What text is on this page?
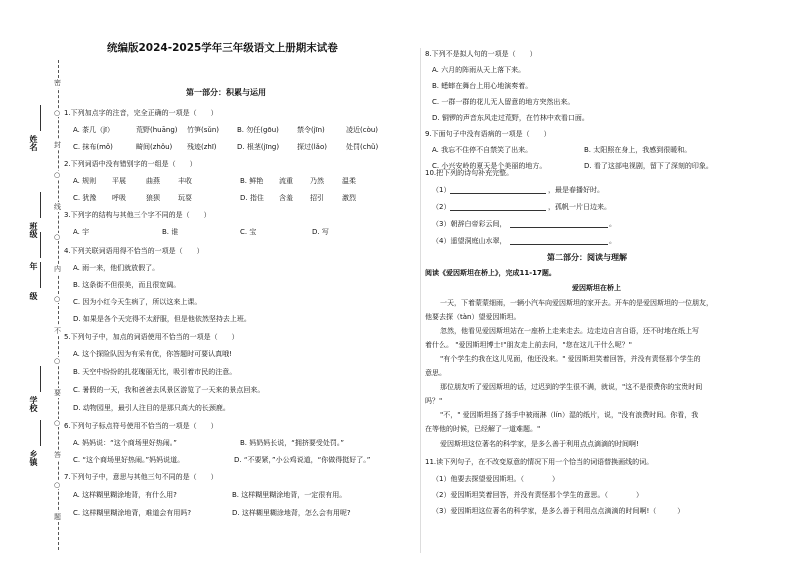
姓名
班级
年
级
学校
乡镇
密
○
封
○
线
○
内
○
不
○
要
○
答
○
题
统编版2024-2025学年三年级语文上册期末试卷
第一部分：积累与运用
1.下列加点字的注音，完全正确的一项是（　　）
A. 茶几（jī）	荒野(huāng) 竹笋(sǔn)	B. 勿任(gōu)	禁令(jīn)	凌近(còu)
C. 抹布(mǒ)	畸间(zhǒu) 残迹(zhī)	D. 根茎(jīng)	探过(lǎo)	处罚(chǔ)
2.下列词语中没有错别字的一组是（　　）
A. 规则 平展	曲燕	丰收	B. 鲜艳 流重 乃然	温柔
C. 犹豫 呼吸	狼狈	玩耍	D. 指住 含羞 招引	激烈
3.下列字的结构与其他三个字不同的是（　　）
A. 宇	B. 谁	C. 宝	D. 写
4.下列关联词语用得不恰当的一项是（　　）
A. 雨一来，他们就放假了。
B. 这条街不但很美，而且很宽阔。
C. 因为小红今天生病了，所以这来上课。
D. 如果是各个天完得不太舒服，但是他依然坚持去上班。
5.下列句子中，加点的词语使用不恰当的一项是（　　）
A. 这个探险队因为有采有优，你答题时可要认真哦!
B. 天空中纷纷的扎花瑰丽无比，吸引着市民的注意。
C. 暑假的一天，我和爸爸去风景区游览了一天来的景点回来。
D. 动物园里，最引人注目的是那只高大的长颈鹿。
6.下列句子标点符号使用不恰当的一项是（　　）
A. 妈妈说：“这个商场里好热闹。”	B. 妈奶妈长说，“拥挤要受处罚。”
C. “这个商场里好热闹。”妈妈说道。	D. “不要紧，”小公鸡说道，“你做得挺好了。”
7.下列句子中，意思与其他三句不同的是（　　）
A. 这样糊里糊涂地背，有什么用?	B. 这样糊里糊涂地背，一定很有用。
C. 这样糊里糊涂地背，难道会有用吗?	D. 这样糊里糊涂地背，怎么会有用呢?
8.下列不是拟人句的一项是（　　）
A. 六月的阵雨从天上落下来。
B. 蟋蟀在舞台上用心地演奏着。
C. 一群一群的花儿无人留意的地方突然出来。
D. 铜锣的声音东风走过荒野，在竹林中欢看口面。
9.下面句子中没有语病的一项是（　　）
A. 我忘不住停不自禁笑了出来。	B. 太阳照在身上，我感到很暖和。
C. 小兴安岭的夏天是个美丽的地方。	D. 看了这部电视剧，留下了深刻的印象。
10.把下列的诗句补充完整。
（1）	，最是春播好时。
（2）	，孤帆一片日边来。
（3）朝辞白帝彩云间，	。
（4）遥望洞庭山水翠，	。
第二部分：阅读与理解
阅读《爱因斯坦在桥上》，完成11-17题。
爱因斯坦在桥上
一天，下着蒙蒙细雨，一辆小汽车向爱因斯坦的家开去。开车的是爱因斯坦的一位朋友，
他要去探（tàn）望爱因斯坦。
忽然，他看见爱因斯坦站在一座桥上走来走去。边走边自言自语，还不时地在纸上写
着什么。 "爱因斯坦博士!"朋友走上前去问，"您在这儿干什么呢？"
"有个学生约我在这儿见面，他还没来。" 爱因斯坦笑着回答，并没有责怪那个学生的
意思。
那位朋友听了爱因斯坦的话，过迟到的学生很不满，就说，"这不是很费你的宝贵时间
吗？"
"不，" 爱因斯坦扬了扬手中被雨淋（lín）湿的纸片，说，"没有浪费时间。你看，我
在等他的时候，已经解了一道难题。"
爱因斯坦这位著名的科学家，是多么善于利用点点滴滴的时间啊!
11.读下列句子，在不改变原意的情况下用一个恰当的词语替换画线的词。
（1）他要去探望爱因斯坦。（　　　　）
（2）爱因斯坦笑着回答，并没有责怪那个学生的意思。（　　　　）
（3）爱因斯坦这位著名的科学家，是多么善于利用点点滴滴的时间啊!（　　　）
